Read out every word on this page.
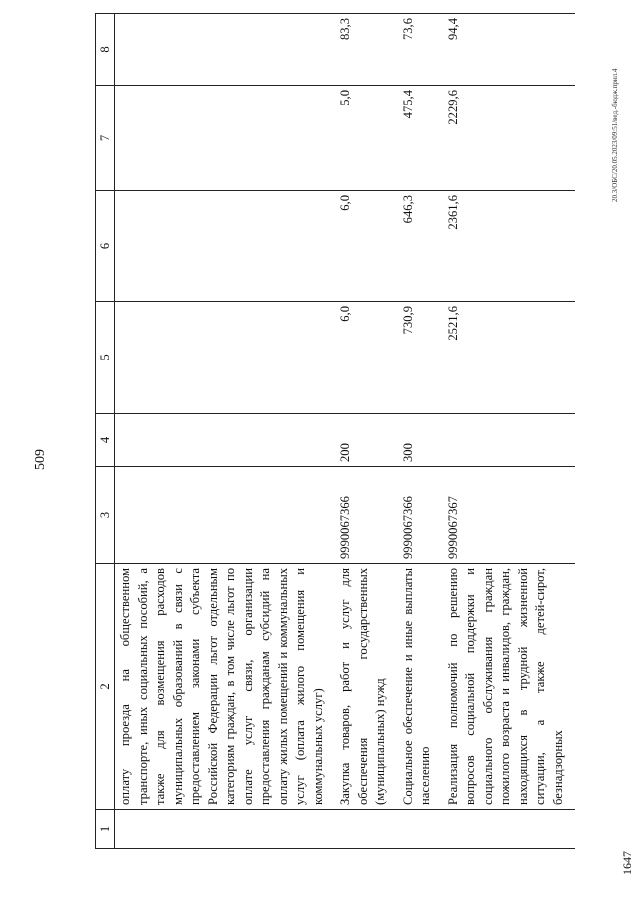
509
1	2	3	4	5	6	7	8
	оплату проезда на общественном транспорте, иных социальных пособий, а также для возмещения расходов муниципальных образований в связи с предоставлением законами субъекта Российской Федерации льгот отдельным категориям граждан, в том числе льгот по оплате услуг связи, организации предоставления гражданам субсидий на оплату жилых помещений и коммунальных услуг (оплата жилого помещения и коммунальных услуг)						
	Закупка товаров, работ и услуг для обеспечения государственных (муниципальных) нужд	9990067366	200	6,0	6,0	5,0	83,3
	Социальное обеспечение и иные выплаты населению	9990067366	300	730,9	646,3	475,4	73,6
	Реализация полномочий по решению вопросов социальной поддержки и социального обслуживания граждан пожилого возраста и инвалидов, граждан, находящихся в трудной жизненной ситуации, а также детей-сирот, безнадзорных	9990067367		2521,6	2361,6	2229,6	94,4
1647
20.3/ОБС/20.05.2023/09:51/вед.-бюдж.прил.4
